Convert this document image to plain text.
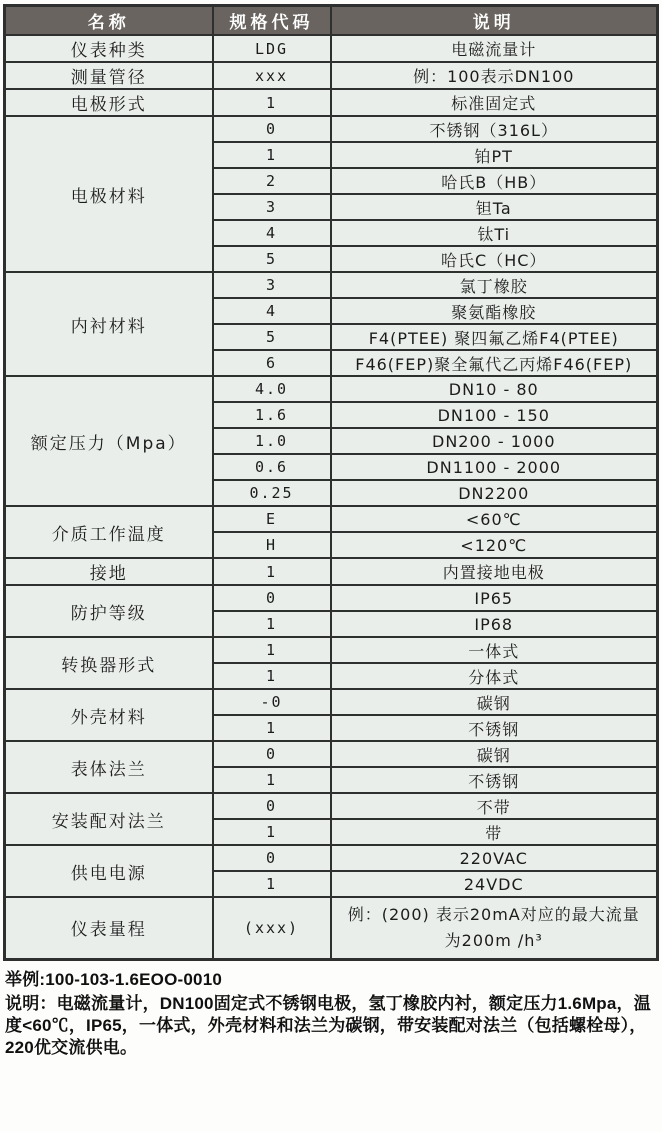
名称	规格代码	说明
仪表种类	LDG	电磁流量计
测量管径	xxx	例：100表示DN100
电极形式	1	标准固定式
电极材料	0	不锈钢（316L）
	1	铂PT
	2	哈氏B（HB）
	3	钽Ta
	4	钛Ti
	5	哈氏C（HC）
内衬材料	3	氯丁橡胶
	4	聚氨酯橡胶
	5	F4(PTEE) 聚四氟乙烯F4(PTEE)
	6	F46(FEP)聚全氟代乙丙烯F46(FEP)
额定压力（Mpa）	4.0	DN10 - 80
	1.6	DN100 - 150
	1.0	DN200 - 1000
	0.6	DN1100 - 2000
	0.25	DN2200
介质工作温度	E	<60℃
	H	<120℃
接地	1	内置接地电极
防护等级	0	IP65
	1	IP68
转换器形式	1	一体式
	1	分体式
外壳材料	-0	碳钢
	1	不锈钢
表体法兰	0	碳钢
	1	不锈钢
安装配对法兰	0	不带
	1	带
供电电源	0	220VAC
	1	24VDC
仪表量程	(xxx)	例：(200) 表示20mA对应的最大流量为200m /h³
举例:100-103-1.6EOO-0010
说明：电磁流量计，DN100固定式不锈钢电极，氢丁橡胶内衬，额定压力1.6Mpa，温度<60℃，IP65，一体式，外壳材料和法兰为碳钢，带安装配对法兰（包括螺栓母），220优交流供电。
